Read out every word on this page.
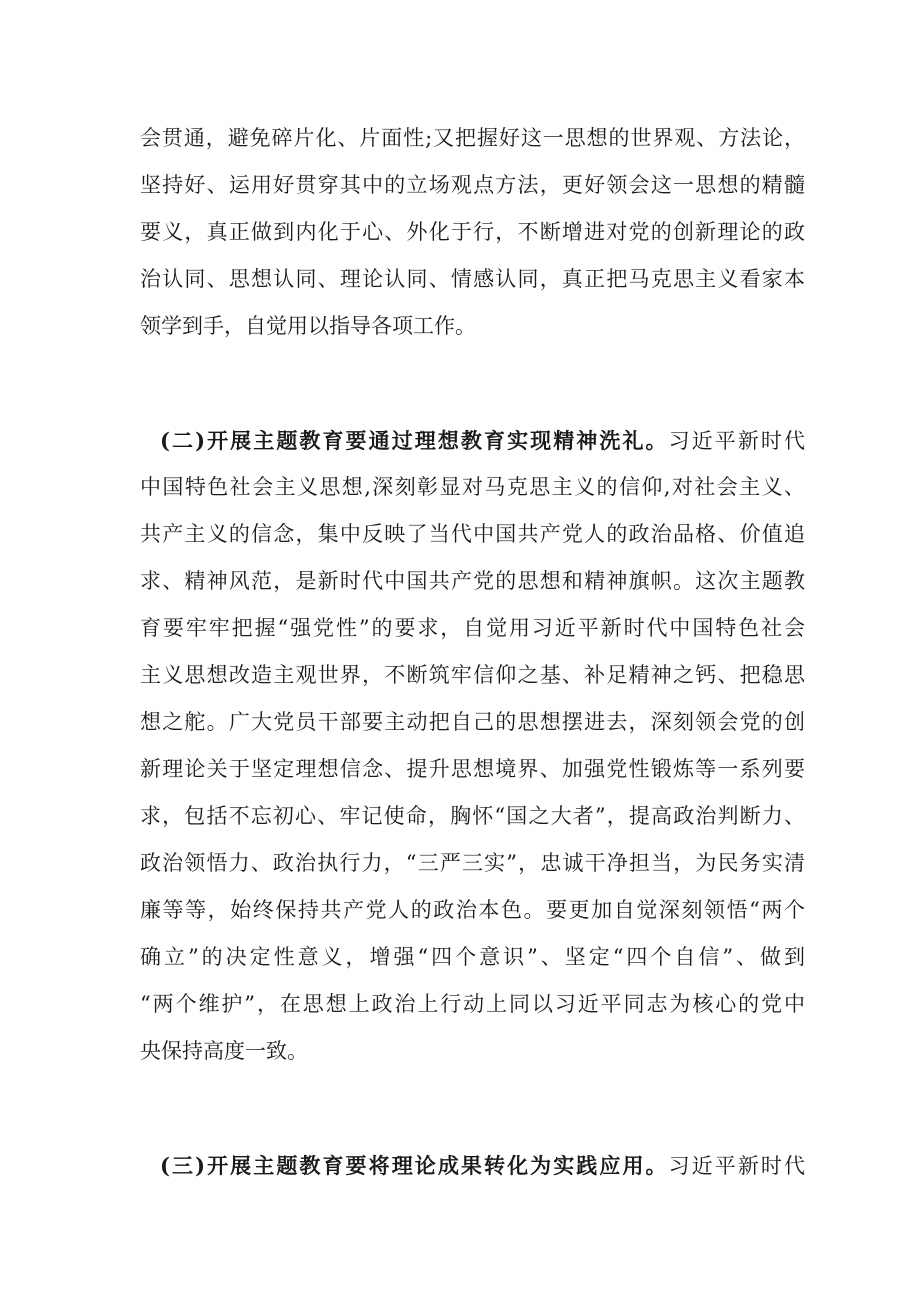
会贯通，避免碎片化、片面性;又把握好这一思想的世界观、方法论，
坚持好、运用好贯穿其中的立场观点方法，更好领会这一思想的精髓
要义，真正做到内化于心、外化于行，不断增进对党的创新理论的政
治认同、思想认同、理论认同、情感认同，真正把马克思主义看家本
领学到手，自觉用以指导各项工作。
(二)开展主题教育要通过理想教育实现精神洗礼。习近平新时代
中国特色社会主义思想,深刻彰显对马克思主义的信仰,对社会主义、
共产主义的信念，集中反映了当代中国共产党人的政治品格、价值追
求、精神风范，是新时代中国共产党的思想和精神旗帜。这次主题教
育要牢牢把握“强党性”的要求，自觉用习近平新时代中国特色社会
主义思想改造主观世界，不断筑牢信仰之基、补足精神之钙、把稳思
想之舵。广大党员干部要主动把自己的思想摆进去，深刻领会党的创
新理论关于坚定理想信念、提升思想境界、加强党性锻炼等一系列要
求，包括不忘初心、牢记使命，胸怀“国之大者”，提高政治判断力、
政治领悟力、政治执行力，“三严三实”，忠诚干净担当，为民务实清
廉等等，始终保持共产党人的政治本色。要更加自觉深刻领悟“两个
确立”的决定性意义，增强“四个意识”、坚定“四个自信”、做到
“两个维护”，在思想上政治上行动上同以习近平同志为核心的党中
央保持高度一致。
(三)开展主题教育要将理论成果转化为实践应用。习近平新时代
